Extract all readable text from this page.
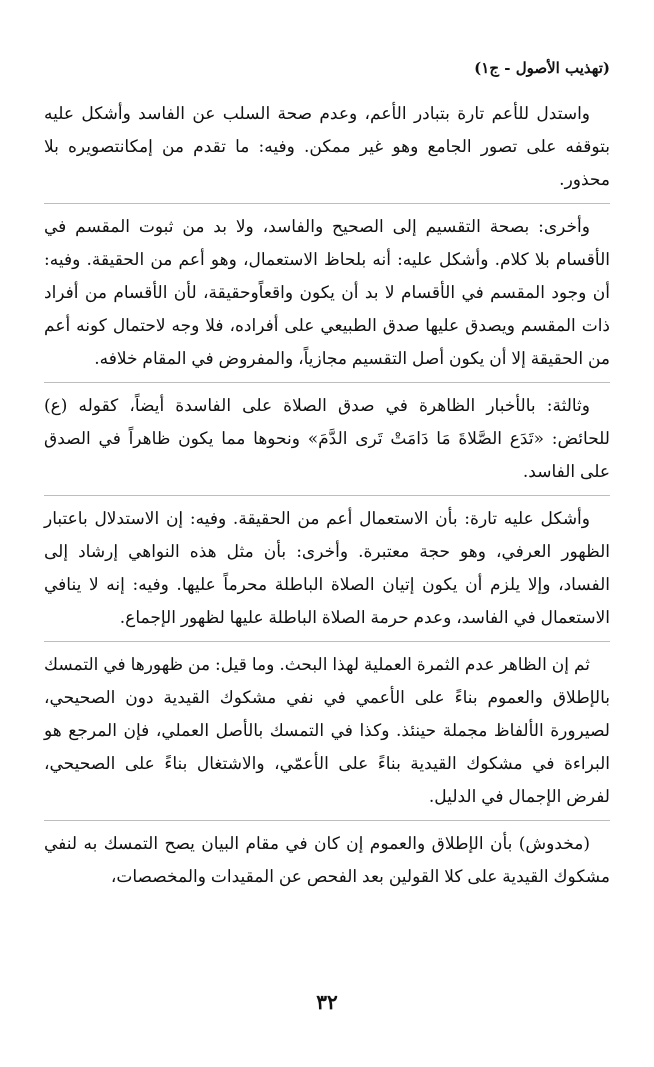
(تهذيب الأصول - ج١)

واستدل للأعم تارة بتبادر الأعم، وعدم صحة السلب عن الفاسد وأشكل عليه بتوقفه على تصور الجامع وهو غير ممكن. وفيه: ما تقدم من إمكانتصويره بلا محذور.

وأخرى: بصحة التقسيم إلى الصحيح والفاسد، ولا بد من ثبوت المقسم في الأقسام بلا كلام. وأشكل عليه: أنه بلحاظ الاستعمال، وهو أعم من الحقيقة. وفيه: أن وجود المقسم في الأقسام لا بد أن يكون واقعاًوحقيقة، لأن الأقسام من أفراد ذات المقسم ويصدق عليها صدق الطبيعي على أفراده، فلا وجه لاحتمال كونه أعم من الحقيقة إلا أن يكون أصل التقسيم مجازياً، والمفروض في المقام خلافه.

وثالثة: بالأخبار الظاهرة في صدق الصلاة على الفاسدة أيضاً، كقوله (ع) للحائض: «تَدَع الصَّلاةَ مَا دَامَتْ تَرى الدَّمَ» ونحوها مما يكون ظاهراً في الصدق على الفاسد.

وأشكل عليه تارة: بأن الاستعمال أعم من الحقيقة. وفيه: إن الاستدلال باعتبار الظهور العرفي، وهو حجة معتبرة. وأخرى: بأن مثل هذه النواهي إرشاد إلى الفساد، وإلا يلزم أن يكون إتيان الصلاة الباطلة محرماً عليها. وفيه: إنه لا ينافي الاستعمال في الفاسد، وعدم حرمة الصلاة الباطلة عليها لظهور الإجماع.

ثم إن الظاهر عدم الثمرة العملية لهذا البحث. وما قيل: من ظهورها في التمسك بالإطلاق والعموم بناءً على الأعمي في نفي مشكوك القيدية دون الصحيحي، لصيرورة الألفاظ مجملة حينئذ. وكذا في التمسك بالأصل العملي، فإن المرجع هو البراءة في مشكوك القيدية بناءً على الأعمّي، والاشتغال بناءً على الصحيحي، لفرض الإجمال في الدليل.

(مخدوش) بأن الإطلاق والعموم إن كان في مقام البيان يصح التمسك به لنفي مشكوك القيدية على كلا القولين بعد الفحص عن المقيدات والمخصصات،

٣٢
